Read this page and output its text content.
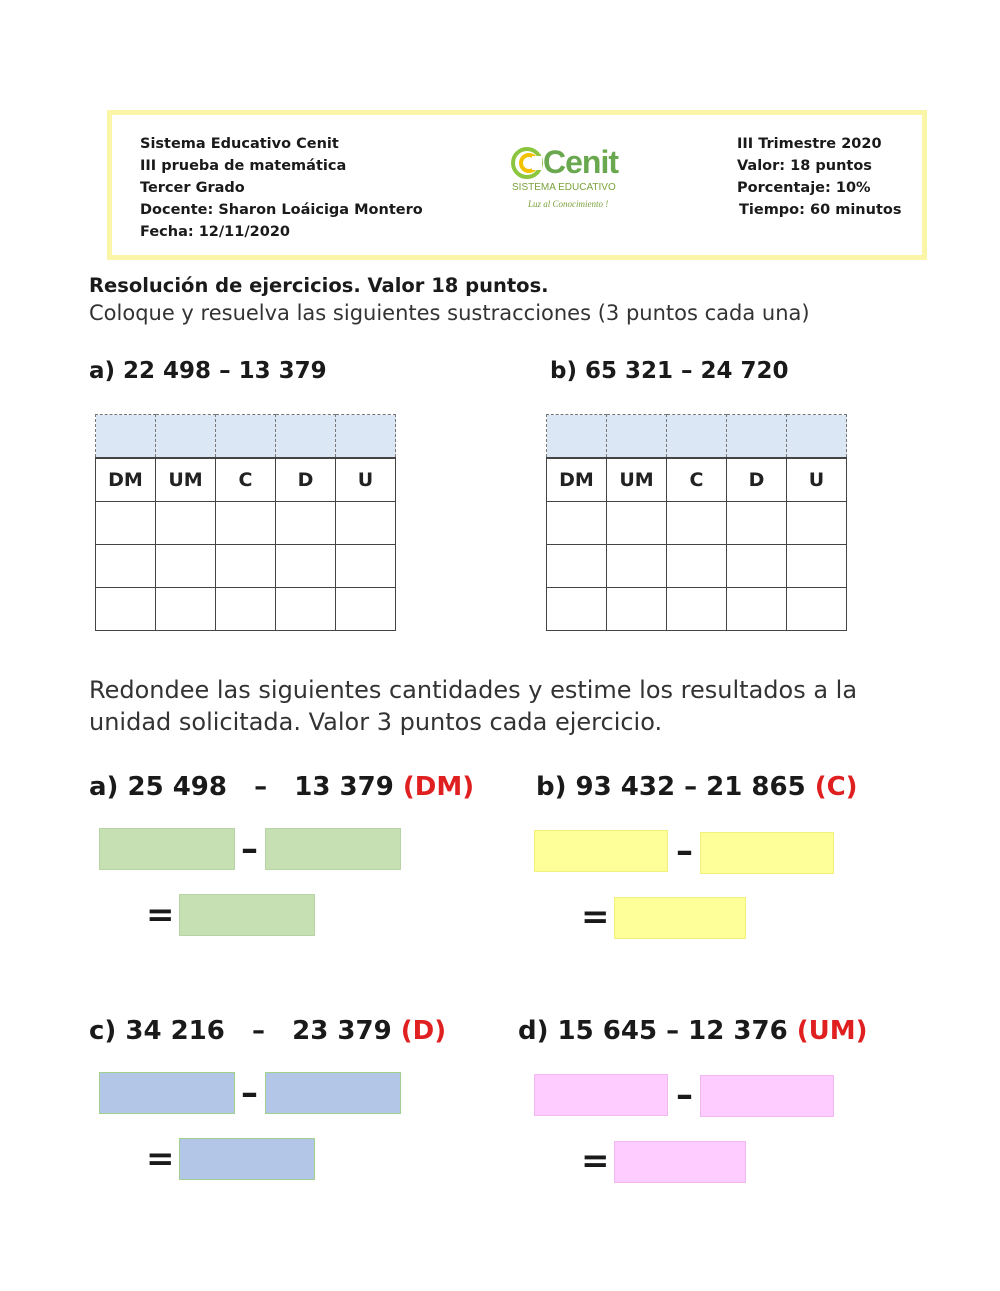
Sistema Educativo Cenit
III prueba de matemática
Tercer Grado
Docente: Sharon Loáiciga Montero
Fecha: 12/11/2020
III Trimestre 2020
Valor: 18 puntos
Porcentaje: 10%
Tiempo: 60 minutos
Cenit
SISTEMA EDUCATIVO
Luz al Conocimiento !
Resolución de ejercicios. Valor 18 puntos.
Coloque y resuelva las siguientes sustracciones (3 puntos cada una)
a) 22 498 – 13 379	b) 65 321 – 24 720

DM	UM	C	D	U

					DM	UM	C	D	U

Redondee las siguientes cantidades y estime los resultados a la
unidad solicitada. Valor 3 puntos cada ejercicio.
a) 25 498   –   13 379 (DM)
–
=
b) 93 432 – 21 865 (C)
–
=
c) 34 216   –   23 379 (D)
–
=
d) 15 645 – 12 376 (UM)
–
=
